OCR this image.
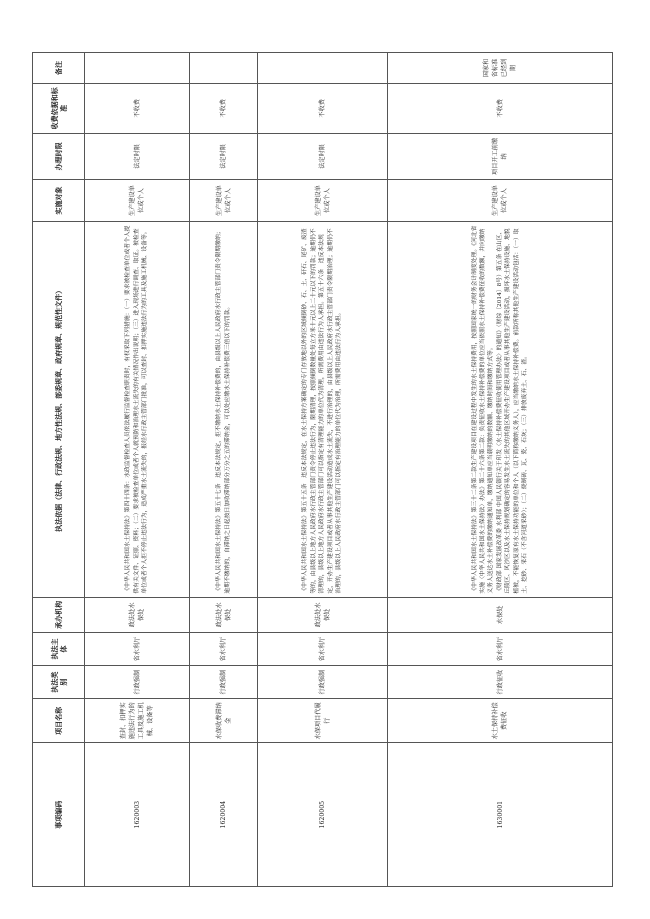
事项编码	项目名称	执法类别	执法主体	承办机构	执法依据（法律、行政法规、地方性法规、部委规章、政府规章、规范性文件）	实施对象	办理时限	收费依据和标准	备注
1620003	查封、扣押实施违法行为的工具及施工机械、设备等	行政强制	省水利厅	政法处水保处	《中华人民共和国水土保持法》第四十四条：水政监督检查人员依法履行监督检查职责时，有权采取下列措施：（一）要求被检查单位或者个人提供有关文件、证照、资料；（二）要求被检查单位或者个人就预防和治理水土流失的有关情况作出说明；（三）进入现场进行调查、取证。被检查单位或者个人拒不停止违法行为，造成严重水土流失的，报经水行政主管部门批准，可以查封、扣押实施违法行为的工具及施工机械、设备等。	生产建设单位或个人	法定时限	不收费	
1620004	水保收费滞纳金	行政强制	省水利厅	政法处水保处	《中华人民共和国水土保持法》第五十七条　违反本法规定，拒不缴纳水土保持补偿费的，由县级以上人民政府水行政主管部门责令限期缴纳；逾期不缴纳的，自滞纳之日起按日加收滞纳部分万分之五的滞纳金，可以处应缴水土保持补偿费三倍以下的罚款。	生产建设单位或个人	法定时限	不收费	
1620005	水保项目代履行	行政强制	省水利厅	政法处水保处	《中华人民共和国水土保持法》第五十五条　违反本法规定，在水土保持方案确定的专门存放地以外的区域倾倒砂、石、土、矸石、尾矿、废渣等的，由县级以上地方人民政府水行政主管部门责令停止违法行为，限期清理，按照倾倒数量处每立方米十元以上二十元以下的罚款；逾期仍不清理的，县级以上地方人民政府水行政主管部门可以指定有清理能力的单位代为清理，所需费用由违法行为人承担。第五十六条　违反本法规定，开办生产建设项目或者从事其他生产建设活动造成水土流失，不进行治理的，由县级以上人民政府水行政主管部门责令限期治理；逾期仍不治理的，县级以上人民政府水行政主管部门可以指定有治理能力的单位代为治理，所需费用由违法行为人承担。	生产建设单位或个人	法定时限	不收费	
1630001	水土保持补偿费征收	行政征收	省水利厅	水保处	《中华人民共和国水土保持法》第三十二条第二款生产建设项目在建设过程中发生的水土保持费用，按照国家统一的财务会计制度处理。《河北省实施〈中华人民共和国水土保持法〉办法》第二十六条第二款：负责征收水土保持补偿费的单位应当依照水土保持补偿费征收的数额，并向缴纳义务人送达水土补偿费的缴纳通知单，缴纳通知单应当载明缴纳的数额、缴纳时间和缴纳方式等。 《财政部 国家发展改革委 水利部 中国人民银行关于印发〈水土保持补偿费征收使用管理办法〉的通知》（财综〔2014〕8号）第五条 在山区、丘陵区、风沙区以及水土保持规划确定的容易发生水土流失的其他区域开办生产建设项目或者从事其他生产建设活动，损坏水土保持设施、地貌植被，不能恢复原有水土保持功能的单位和个人（以下简称缴纳义务人），应当缴纳水土保持补偿费。前款所称其他生产建设活动包括：（一）取土、挖砂、采石（不含河道采砂）；（二）烧制砖、瓦、瓷、石灰；（三）排放废弃土、石、渣。	生产建设单位或个人	项目开工前缴纳	不收费	国家和省标准已经到期
